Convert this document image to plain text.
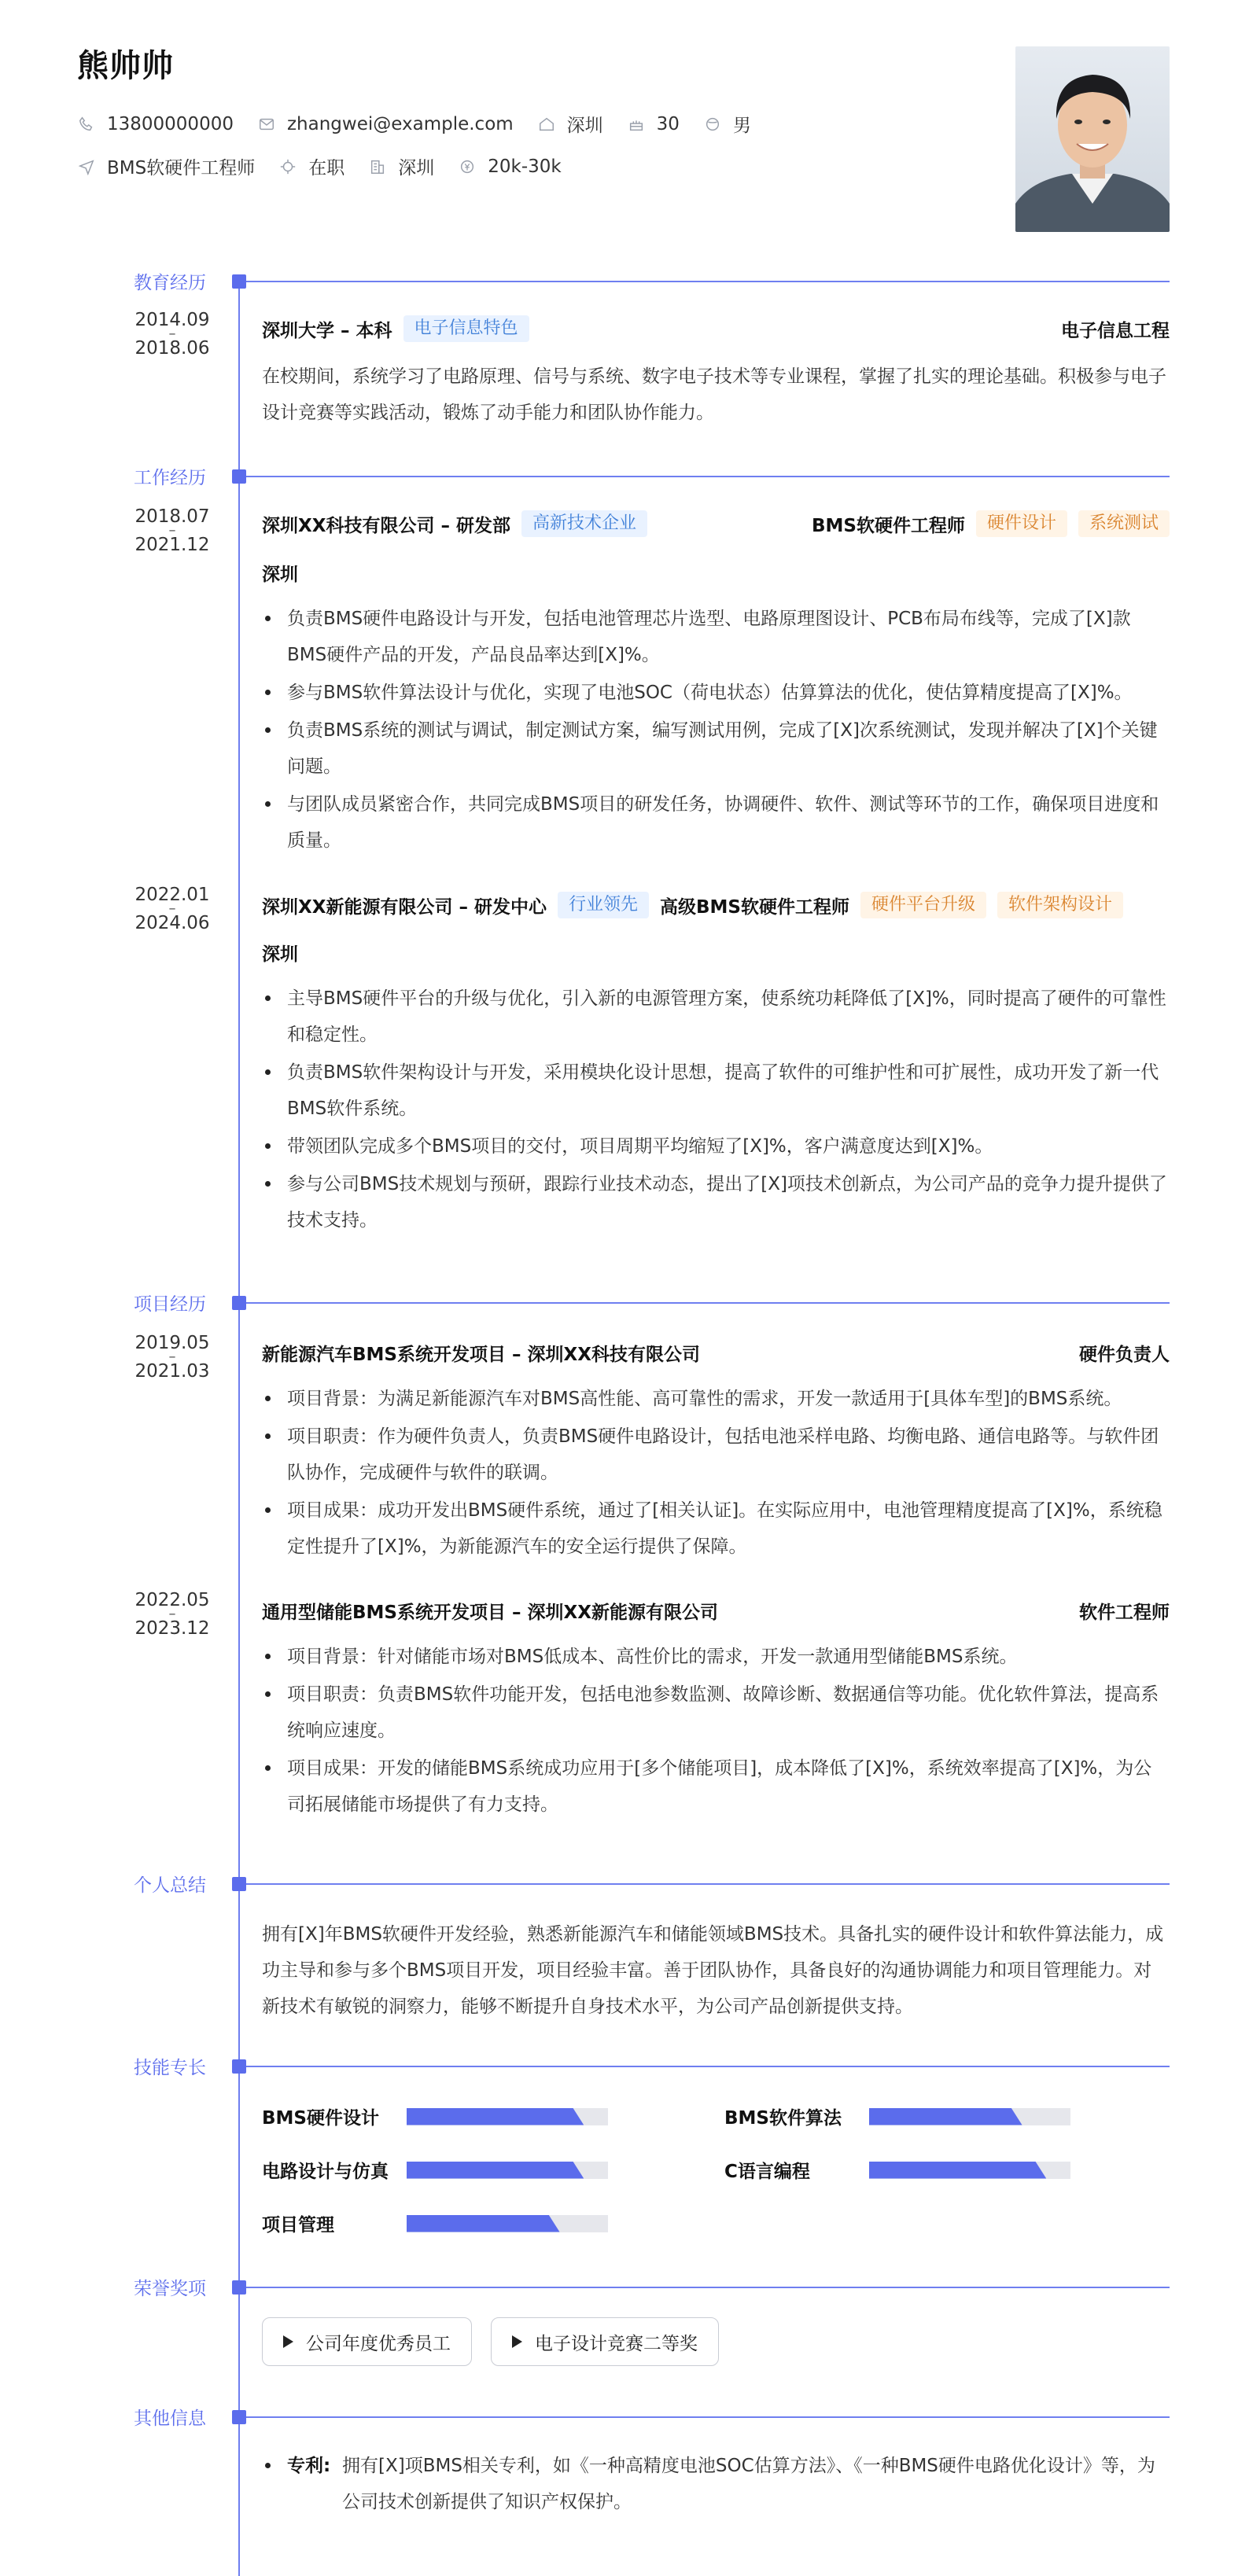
熊帅帅
13800000000	zhangwei@example.com	深圳	30	男
BMS软硬件工程师	在职	深圳	20k-30k
教育经历
2014.09
–
2018.06
深圳大学 – 本科	电子信息特色	电子信息工程
在校期间，系统学习了电路原理、信号与系统、数字电子技术等专业课程，掌握了扎实的理论基础。积极参与电子设计竞赛等实践活动，锻炼了动手能力和团队协作能力。
工作经历
2018.07
–
2021.12
深圳XX科技有限公司 – 研发部	高新技术企业	BMS软硬件工程师	硬件设计	系统测试
深圳
负责BMS硬件电路设计与开发，包括电池管理芯片选型、电路原理图设计、PCB布局布线等，完成了[X]款BMS硬件产品的开发，产品良品率达到[X]%。
参与BMS软件算法设计与优化，实现了电池SOC（荷电状态）估算算法的优化，使估算精度提高了[X]%。
负责BMS系统的测试与调试，制定测试方案，编写测试用例，完成了[X]次系统测试，发现并解决了[X]个关键问题。
与团队成员紧密合作，共同完成BMS项目的研发任务，协调硬件、软件、测试等环节的工作，确保项目进度和质量。
2022.01
–
2024.06
深圳XX新能源有限公司 – 研发中心	行业领先	高级BMS软硬件工程师	硬件平台升级	软件架构设计
深圳
主导BMS硬件平台的升级与优化，引入新的电源管理方案，使系统功耗降低了[X]%，同时提高了硬件的可靠性和稳定性。
负责BMS软件架构设计与开发，采用模块化设计思想，提高了软件的可维护性和可扩展性，成功开发了新一代BMS软件系统。
带领团队完成多个BMS项目的交付，项目周期平均缩短了[X]%，客户满意度达到[X]%。
参与公司BMS技术规划与预研，跟踪行业技术动态，提出了[X]项技术创新点，为公司产品的竞争力提升提供了技术支持。
项目经历
2019.05
–
2021.03
新能源汽车BMS系统开发项目 – 深圳XX科技有限公司	硬件负责人
项目背景：为满足新能源汽车对BMS高性能、高可靠性的需求，开发一款适用于[具体车型]的BMS系统。
项目职责：作为硬件负责人，负责BMS硬件电路设计，包括电池采样电路、均衡电路、通信电路等。与软件团队协作，完成硬件与软件的联调。
项目成果：成功开发出BMS硬件系统，通过了[相关认证]。在实际应用中，电池管理精度提高了[X]%，系统稳定性提升了[X]%，为新能源汽车的安全运行提供了保障。
2022.05
–
2023.12
通用型储能BMS系统开发项目 – 深圳XX新能源有限公司	软件工程师
项目背景：针对储能市场对BMS低成本、高性价比的需求，开发一款通用型储能BMS系统。
项目职责：负责BMS软件功能开发，包括电池参数监测、故障诊断、数据通信等功能。优化软件算法，提高系统响应速度。
项目成果：开发的储能BMS系统成功应用于[多个储能项目]，成本降低了[X]%，系统效率提高了[X]%，为公司拓展储能市场提供了有力支持。
个人总结
拥有[X]年BMS软硬件开发经验，熟悉新能源汽车和储能领域BMS技术。具备扎实的硬件设计和软件算法能力，成功主导和参与多个BMS项目开发，项目经验丰富。善于团队协作，具备良好的沟通协调能力和项目管理能力。对新技术有敏锐的洞察力，能够不断提升自身技术水平，为公司产品创新提供支持。
技能专长
BMS硬件设计	BMS软件算法
电路设计与仿真	C语言编程
项目管理
荣誉奖项
公司年度优秀员工	电子设计竞赛二等奖
其他信息
专利: 拥有[X]项BMS相关专利，如《一种高精度电池SOC估算方法》、《一种BMS硬件电路优化设计》等，为公司技术创新提供了知识产权保护。
